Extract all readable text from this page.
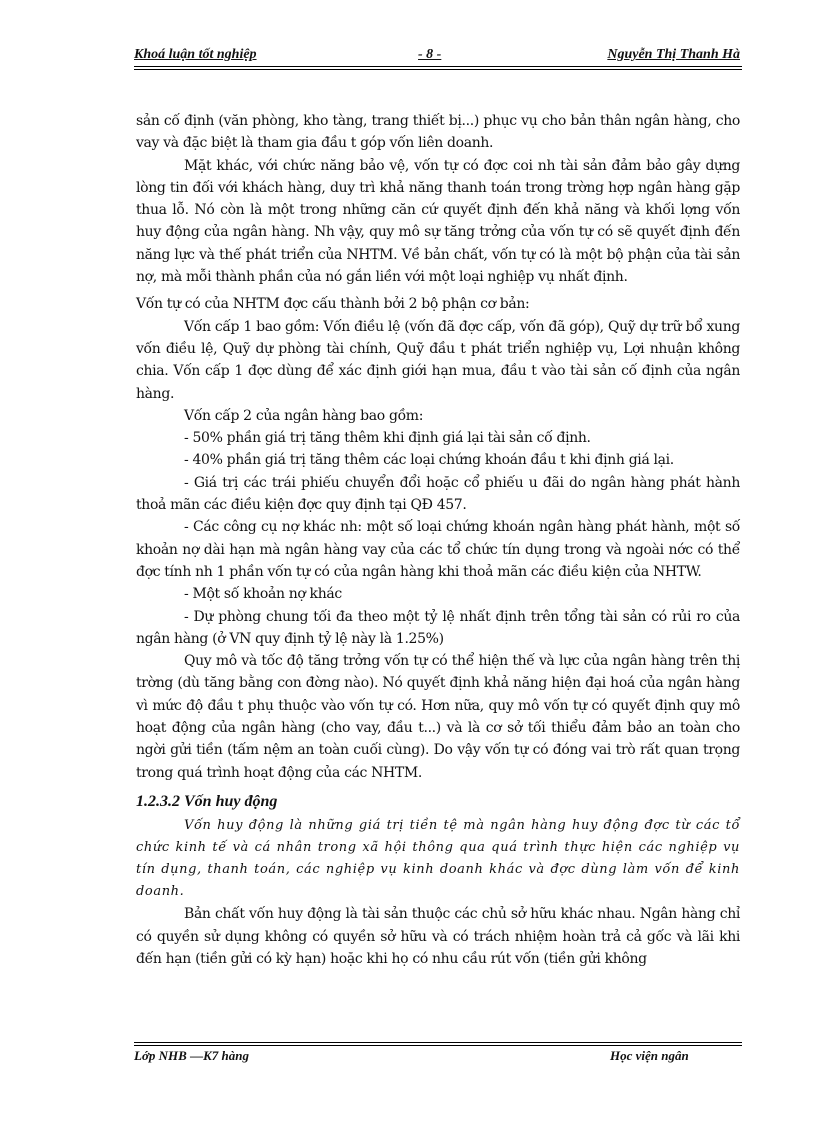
Khoá luận tốt nghiệp	- 8 -	Nguyễn Thị Thanh Hà

sản cố định (văn phòng, kho tàng, trang thiết bị...) phục vụ cho bản thân ngân hàng, cho vay và đặc biệt là tham gia đầu t góp vốn liên doanh.

Mặt khác, với chức năng bảo vệ, vốn tự có đợc coi nh tài sản đảm bảo gây dựng lòng tin đối với khách hàng, duy trì khả năng thanh toán trong trờng hợp ngân hàng gặp thua lỗ. Nó còn là một trong những căn cứ quyết định đến khả năng và khối lợng vốn huy động của ngân hàng. Nh vậy, quy mô sự tăng trởng của vốn tự có sẽ quyết định đến năng lực và thế phát triển của NHTM. Về bản chất, vốn tự có là một bộ phận của tài sản nợ, mà mỗi thành phần của nó gắn liền với một loại nghiệp vụ nhất định.

Vốn tự có của NHTM đợc cấu thành bởi 2 bộ phận cơ bản:

Vốn cấp 1 bao gồm: Vốn điều lệ (vốn đã đợc cấp, vốn đã góp), Quỹ dự trữ bổ xung vốn điều lệ, Quỹ dự phòng tài chính, Quỹ đầu t phát triển nghiệp vụ, Lợi nhuận không chia. Vốn cấp 1 đợc dùng để xác định giới hạn mua, đầu t vào tài sản cố định của ngân hàng.

Vốn cấp 2 của ngân hàng bao gồm:

- 50% phần giá trị tăng thêm khi định giá lại tài sản cố định.

- 40% phần giá trị tăng thêm các loại chứng khoán đầu t khi định giá lại.

- Giá trị các trái phiếu chuyển đổi hoặc cổ phiếu u đãi do ngân hàng phát hành thoả mãn các điều kiện đợc quy định tại QĐ 457.

- Các công cụ nợ khác nh: một số loại chứng khoán ngân hàng phát hành, một số khoản nợ dài hạn mà ngân hàng vay của các tổ chức tín dụng trong và ngoài nớc có thể đợc tính nh 1 phần vốn tự có của ngân hàng khi thoả mãn các điều kiện của NHTW.

- Một số khoản nợ khác

- Dự phòng chung tối đa theo một tỷ lệ nhất định trên tổng tài sản có rủi ro của ngân hàng (ở VN quy định tỷ lệ này là 1.25%)

Quy mô và tốc độ tăng trởng vốn tự có thể hiện thế và lực của ngân hàng trên thị trờng (dù tăng bằng con đờng nào). Nó quyết định khả năng hiện đại hoá của ngân hàng vì mức độ đầu t phụ thuộc vào vốn tự có. Hơn nữa, quy mô vốn tự có quyết định quy mô hoạt động của ngân hàng (cho vay, đầu t...) và là cơ sở tối thiểu đảm bảo an toàn cho ngời gửi tiền (tấm nệm an toàn cuối cùng). Do vậy vốn tự có đóng vai trò rất quan trọng trong quá trình hoạt động của các NHTM.

1.2.3.2 Vốn huy động

Vốn huy động là những giá trị tiền tệ mà ngân hàng huy động đợc từ các tổ chức kinh tế và cá nhân trong xã hội thông qua quá trình thực hiện các nghiệp vụ tín dụng, thanh toán, các nghiệp vụ kinh doanh khác và đợc dùng làm vốn để kinh doanh.

Bản chất vốn huy động là tài sản thuộc các chủ sở hữu khác nhau. Ngân hàng chỉ có quyền sử dụng không có quyền sở hữu và có trách nhiệm hoàn trả cả gốc và lãi khi đến hạn (tiền gửi có kỳ hạn) hoặc khi họ có nhu cầu rút vốn (tiền gửi không

Lớp NHB —K7 hàng	Học viện ngân
